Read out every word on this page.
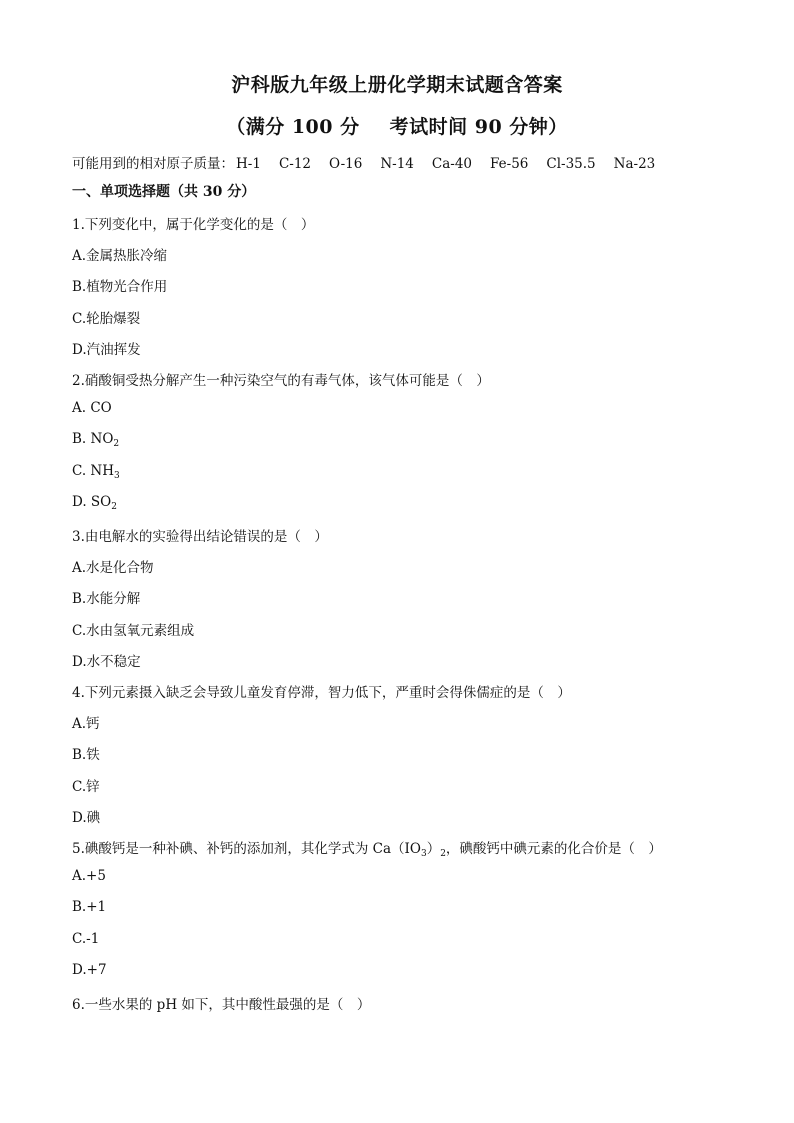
沪科版九年级上册化学期末试题含答案
（满分 100 分 考试时间 90 分钟）
可能用到的相对原子质量： H-1 C-12 O-16 N-14 Ca-40 Fe-56 Cl-35.5 Na-23
一、单项选择题（共 30 分）
1.下列变化中，属于化学变化的是（　）
A.金属热胀冷缩
B.植物光合作用
C.轮胎爆裂
D.汽油挥发
2.硝酸铜受热分解产生一种污染空气的有毒气体，该气体可能是（　）
A. CO
B. $NO_2$
C. $NH_3$
D. $SO_2$
3.由电解水的实验得出结论错误的是（　）
A.水是化合物
B.水能分解
C.水由氢氧元素组成
D.水不稳定
4.下列元素摄入缺乏会导致儿童发育停滞，智力低下，严重时会得侏儒症的是（　）
A.钙
B.铁
C.锌
D.碘
5.碘酸钙是一种补碘、补钙的添加剂，其化学式为 $Ca(IO_3)_2$，碘酸钙中碘元素的化合价是（　）
A.+5
B.+1
C.-1
D.+7
6.一些水果的 pH 如下，其中酸性最强的是（　）
